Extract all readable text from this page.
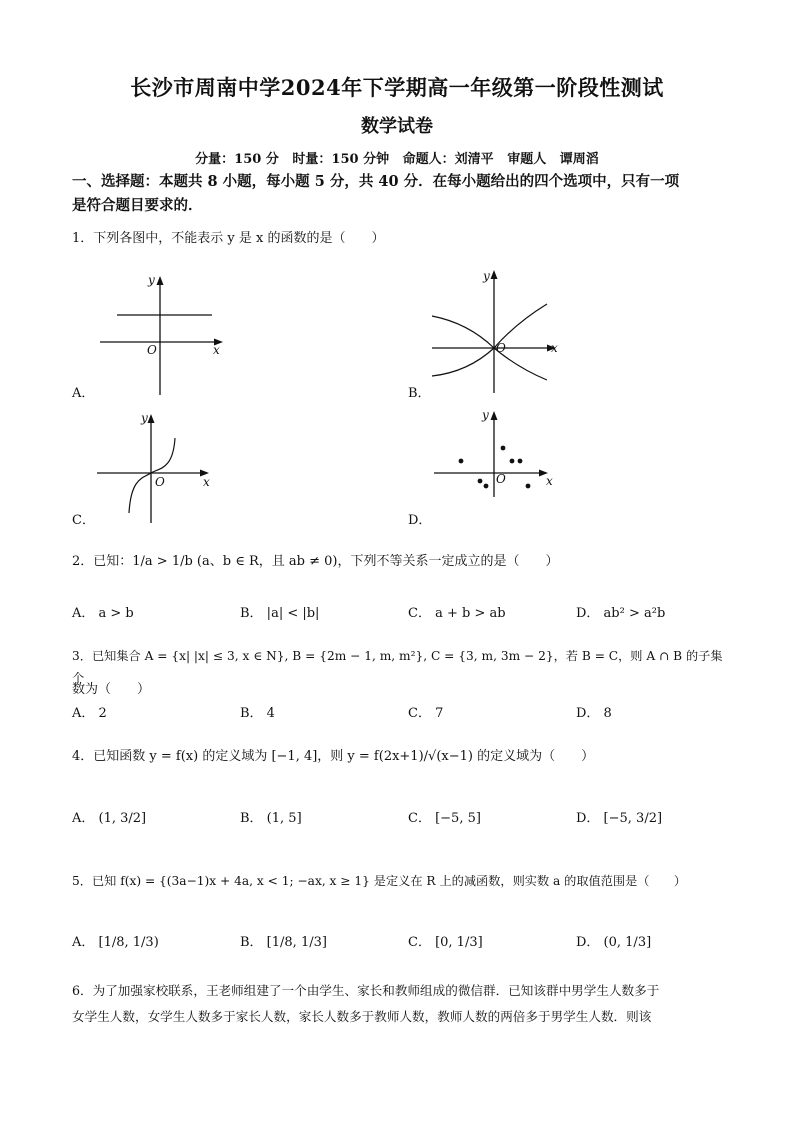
长沙市周南中学2024年下学期高一年级第一阶段性测试
数学试卷
分量：150 分   时量：150 分钟   命题人：刘清平   审题人   谭周滔
一、选择题：本题共 8 小题，每小题 5 分，共 40 分．在每小题给出的四个选项中，只有一项
是符合题目要求的．
1．下列各图中，不能表示 y 是 x 的函数的是（　　）
O	x
y
A．
O	x
y
B．
O	x
y
C．
O	x
y
D．
2．已知：1/a > 1/b (a、b ∈ R，且 ab ≠ 0)，下列不等关系一定成立的是（　　）
A． a > b	B． |a| < |b|	C． a + b > ab	D． ab² > a²b
3．已知集合 A = {x| |x| ≤ 3, x ∈ N}, B = {2m − 1, m, m²}, C = {3, m, 3m − 2}，若 B = C，则 A ∩ B 的子集个
数为（　　）
A． 2	B． 4	C． 7	D． 8
4．已知函数 y = f(x) 的定义域为 [−1, 4]，则 y = f(2x+1)/√(x−1) 的定义域为（　　）
A． (1, 3/2]	B． (1, 5]	C． [−5, 5]	D． [−5, 3/2]
5．已知 f(x) = {(3a−1)x + 4a, x < 1; −ax, x ≥ 1} 是定义在 R 上的减函数，则实数 a 的取值范围是（　　）
A． [1/8, 1/3)	B． [1/8, 1/3]	C． [0, 1/3]	D． (0, 1/3]
6．为了加强家校联系，王老师组建了一个由学生、家长和教师组成的微信群．已知该群中男学生人数多于
女学生人数，女学生人数多于家长人数，家长人数多于教师人数，教师人数的两倍多于男学生人数．则该
